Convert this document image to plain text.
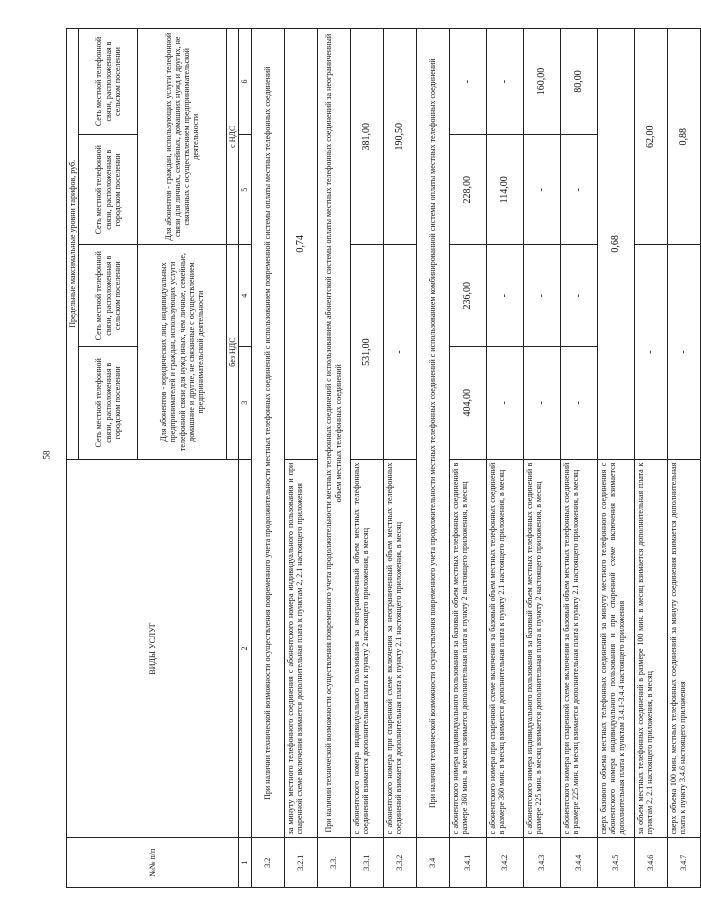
58
№№ п/п	ВИДЫ УСЛУГ	Предельные максимальные уровни тарифов, руб.			
		Сеть местной телефонной связи, расположенная в городском поселении	Сеть местной телефонной связи, расположенная в сельском поселении	Сеть местной телефонной связи, расположенная в городском поселении	Сеть местной телефонной связи, расположенная в сельском поселении
		Для абонентов - юридических лиц, индивидуальных предпринимателей и граждан, использующих услуги телефонной связи для нужд иных, чем личные, семейные, домашние и другие, не связанные с осуществлением предпринимательской деятельности		Для абонентов - граждан, использующих услуги телефонной связи для личных, семейных, домашних нужд и других, не связанных с осуществлением предпринимательской деятельности	
		без НДС		с НДС	
1	2	3	4	5	6
3.2	При наличии технической возможности осуществления повременного учета продолжительности местных телефонных соединений с использованием повременной системы оплаты местных телефонных соединений				
3.2.1	за минуту местного телефонного соединения с абонентского номера индивидуального пользования и при спаренной схеме включения взимается дополнительная плата к пунктам 2, 2.1 настоящего приложения	0,74			
3.3.	При наличии технической возможности осуществления повременного учета продолжительности местных телефонных соединений с использованием абонентской системы оплаты местных телефонных соединений за неограниченный объем местных телефонных соединений				
3.3.1	с абонентского номера индивидуального пользования за неограниченный объем местных телефонных соединений взимается дополнительная плата к пункту 2 настоящего приложения, в месяц	531,00		381,00	
3.3.2	с абонентского номера при спаренной схеме включения за неограниченный объем местных телефонных соединений взимается дополнительная плата к пункту 2.1 настоящего приложения, в месяц	-		190,50	
3.4	При наличии технической возможности осуществления повременного учета продолжительности местных телефонных соединений с использованием комбинированной системы оплаты местных телефонных соединений				
3.4.1	с абонентского номера индивидуального пользования за базовый объем местных телефонных соединений в размере 360 мин. в месяц взимается дополнительная плата к пункту 2 настоящего приложения, в месяц	404,00	236,00	228,00	-
3.4.2	с абонентского номера при спаренной схеме включения за базовый объем местных телефонных соединений в размере 360 мин. в месяц взимается дополнительная плата к пункту 2.1 настоящего приложения, в месяц	-	-	114,00	-
3.4.3	с абонентского номера индивидуального пользования за базовый объем местных телефонных соединений в размере 225 мин. в месяц взимается дополнительная плата к пункту 2 настоящего приложения, в месяц	-	-	-	160,00
3.4.4	с абонентского номера при спаренной схеме включения за базовый объем местных телефонных соединений в размере 225 мин. в месяц взимается дополнительная плата к пункту 2.1 настоящего приложения, в месяц	-	-	-	80,00
3.4.5	сверх базового объема местных телефонных соединений за минуту местного телефонного соединения с абонентского номера индивидуального пользования и при спаренной схеме включения взимается дополнительная плата к пунктам 3.4.1-3.4.4 настоящего приложения	0,68			
3.4.6	за объем местных телефонных соединений в размере 100 мин. в месяц взимается дополнительная плата к пунктам 2, 2.1 настоящего приложения, в месяц	-		62,00	
3.4.7	сверх объема 100 мин. местных телефонных соединений за минуту соединения взимается дополнительная плата к пункту 3.4.6 настоящего приложения	-		0,88	
